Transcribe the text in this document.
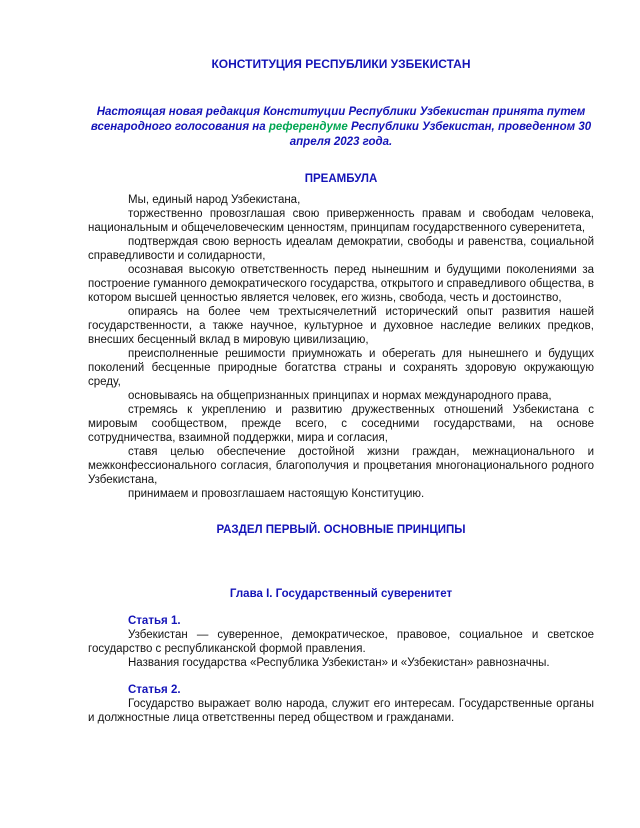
КОНСТИТУЦИЯ РЕСПУБЛИКИ УЗБЕКИСТАН

Настоящая новая редакция Конституции Республики Узбекистан принята путем всенародного голосования на референдуме Республики Узбекистан, проведенном 30 апреля 2023 года.

ПРЕАМБУЛА

Мы, единый народ Узбекистана,

торжественно провозглашая свою приверженность правам и свободам человека, национальным и общечеловеческим ценностям, принципам государственного суверенитета,

подтверждая свою верность идеалам демократии, свободы и равенства, социальной справедливости и солидарности,

осознавая высокую ответственность перед нынешним и будущими поколениями за построение гуманного демократического государства, открытого и справедливого общества, в котором высшей ценностью является человек, его жизнь, свобода, честь и достоинство,

опираясь на более чем трехтысячелетний исторический опыт развития нашей государственности, а также научное, культурное и духовное наследие великих предков, внесших бесценный вклад в мировую цивилизацию,

преисполненные решимости приумножать и оберегать для нынешнего и будущих поколений бесценные природные богатства страны и сохранять здоровую окружающую среду,

основываясь на общепризнанных принципах и нормах международного права,

стремясь к укреплению и развитию дружественных отношений Узбекистана с мировым сообществом, прежде всего, с соседними государствами, на основе сотрудничества, взаимной поддержки, мира и согласия,

ставя целью обеспечение достойной жизни граждан, межнационального и межконфессионального согласия, благополучия и процветания многонационального родного Узбекистана,

принимаем и провозглашаем настоящую Конституцию.

РАЗДЕЛ ПЕРВЫЙ. ОСНОВНЫЕ ПРИНЦИПЫ
Глава I. Государственный суверенитет

Статья 1.

Узбекистан — суверенное, демократическое, правовое, социальное и светское государство с республиканской формой правления.

Названия государства «Республика Узбекистан» и «Узбекистан» равнозначны.

Статья 2.

Государство выражает волю народа, служит его интересам. Государственные органы и должностные лица ответственны перед обществом и гражданами.
